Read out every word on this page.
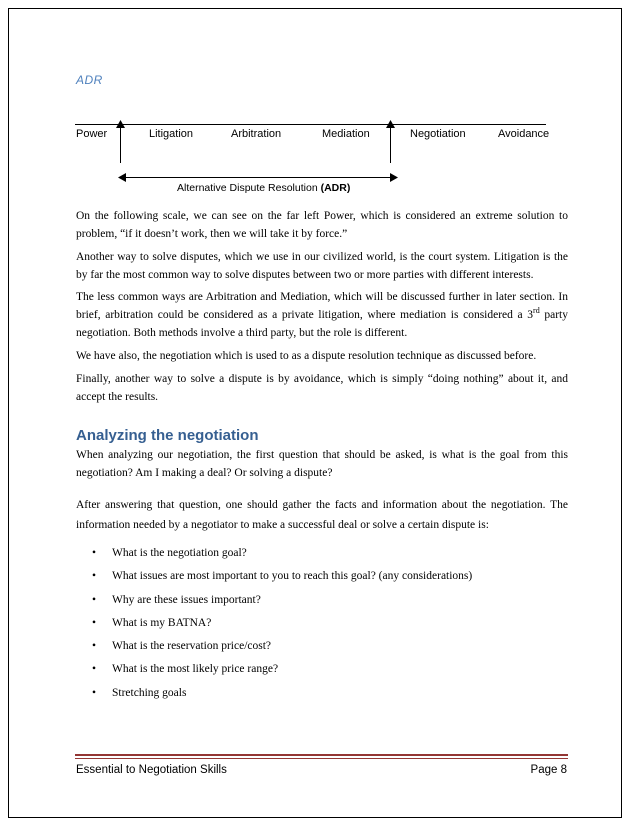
ADR
Power	Litigation	Arbitration	Mediation	Negotiation	Avoidance
Alternative Dispute Resolution (ADR)
On the following scale, we can see on the far left Power, which is considered an extreme solution to problem, “if it doesn’t work, then we will take it by force.”
Another way to solve disputes, which we use in our civilized world, is the court system. Litigation is the by far the most common way to solve disputes between two or more parties with different interests.
The less common ways are Arbitration and Mediation, which will be discussed further in later section. In brief, arbitration could be considered as a private litigation, where mediation is considered a 3rd party negotiation. Both methods involve a third party, but the role is different.
We have also, the negotiation which is used to as a dispute resolution technique as discussed before.
Finally, another way to solve a dispute is by avoidance, which is simply “doing nothing” about it, and accept the results.
Analyzing the negotiation
When analyzing our negotiation, the first question that should be asked, is what is the goal from this negotiation? Am I making a deal? Or solving a dispute?
After answering that question, one should gather the facts and information about the negotiation. The information needed by a negotiator to make a successful deal or solve a certain dispute is:
• What is the negotiation goal?
• What issues are most important to you to reach this goal? (any considerations)
• Why are these issues important?
• What is my BATNA?
• What is the reservation price/cost?
• What is the most likely price range?
• Stretching goals
Essential to Negotiation Skills	Page 8
